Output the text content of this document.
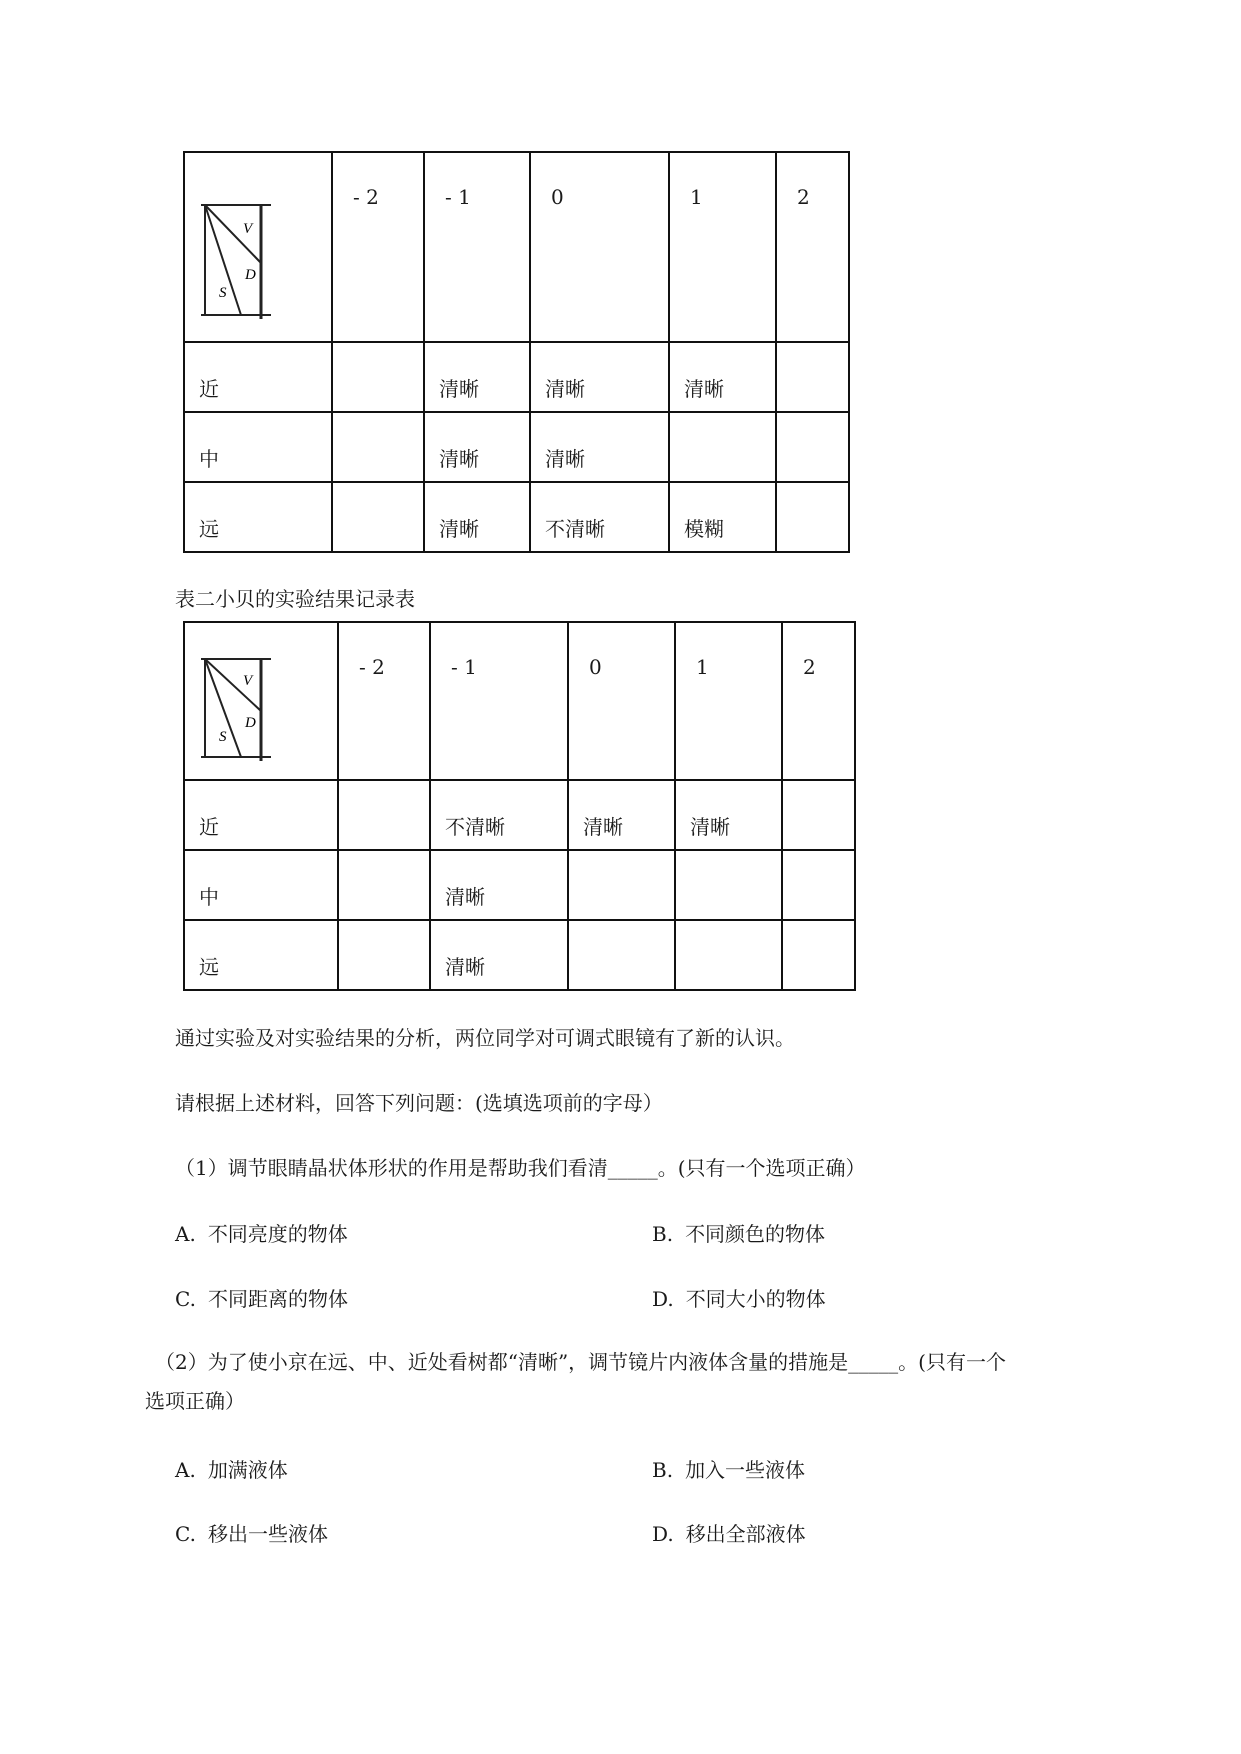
V
D
S	- 2	- 1	0	1	2

近		清晰	清晰	清晰	

中		清晰	清晰		

远		清晰	不清晰	模糊	

表二小贝的实验结果记录表
V
D
S	- 2	- 1	0	1	2

近		不清晰	清晰	清晰	

中		清晰			

远		清晰			

通过实验及对实验结果的分析，两位同学对可调式眼镜有了新的认识。
请根据上述材料，回答下列问题：(选填选项前的字母）
（1）调节眼睛晶状体形状的作用是帮助我们看清_____。(只有一个选项正确）
A. 不同亮度的物体	B. 不同颜色的物体
C. 不同距离的物体	D. 不同大小的物体
（2）为了使小京在远、中、近处看树都“清晰”，调节镜片内液体含量的措施是_____。(只有一个
选项正确）
A. 加满液体	B. 加入一些液体
C. 移出一些液体	D. 移出全部液体
